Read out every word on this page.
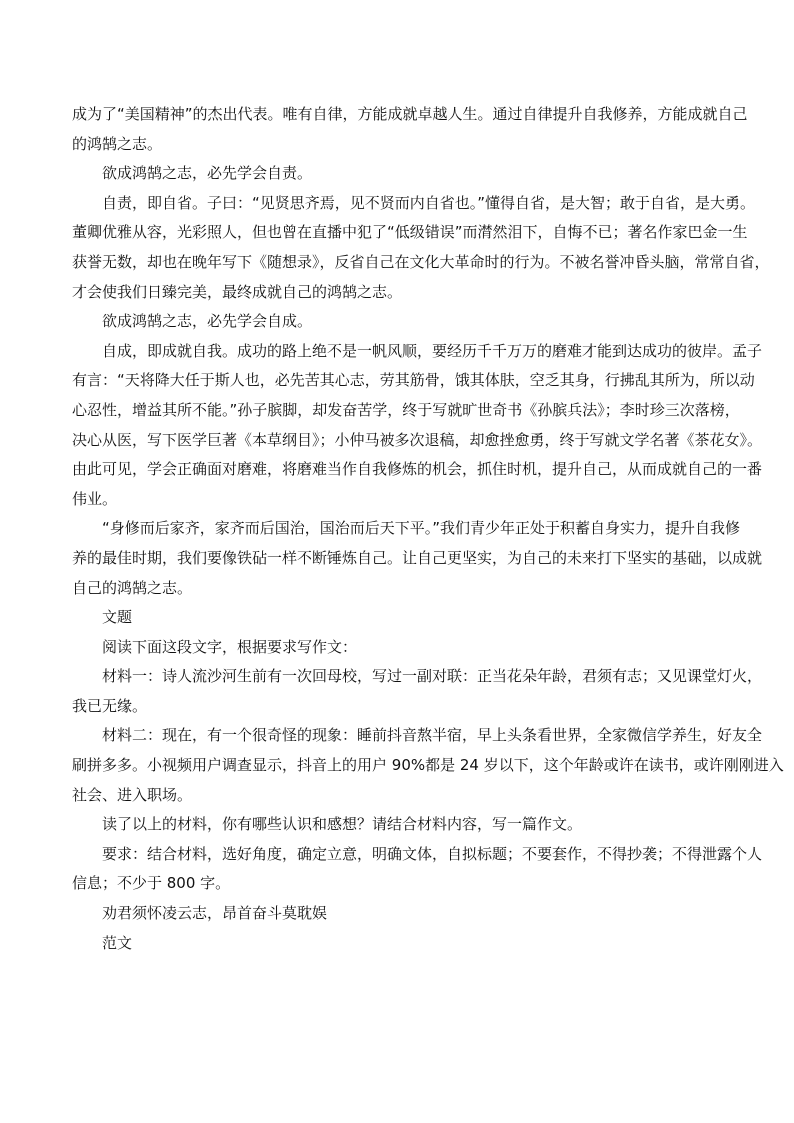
成为了“美国精神”的杰出代表。唯有自律，方能成就卓越人生。通过自律提升自我修养，方能成就自己

的鸿鹄之志。

欲成鸿鹄之志，必先学会自责。

自责，即自省。子曰：“见贤思齐焉，见不贤而内自省也。”懂得自省，是大智；敢于自省，是大勇。

董卿优雅从容，光彩照人，但也曾在直播中犯了“低级错误”而潸然泪下，自悔不已；著名作家巴金一生

获誉无数，却也在晚年写下《随想录》，反省自己在文化大革命时的行为。不被名誉冲昏头脑，常常自省，

才会使我们日臻完美，最终成就自己的鸿鹄之志。

欲成鸿鹄之志，必先学会自成。

自成，即成就自我。成功的路上绝不是一帆风顺，要经历千千万万的磨难才能到达成功的彼岸。孟子

有言：“天将降大任于斯人也，必先苦其心志，劳其筋骨，饿其体肤，空乏其身，行拂乱其所为，所以动

心忍性，增益其所不能。”孙子膑脚，却发奋苦学，终于写就旷世奇书《孙膑兵法》；李时珍三次落榜，

决心从医，写下医学巨著《本草纲目》；小仲马被多次退稿，却愈挫愈勇，终于写就文学名著《茶花女》。

由此可见，学会正确面对磨难，将磨难当作自我修炼的机会，抓住时机，提升自己，从而成就自己的一番

伟业。

“身修而后家齐，家齐而后国治，国治而后天下平。”我们青少年正处于积蓄自身实力，提升自我修

养的最佳时期，我们要像铁砧一样不断锤炼自己。让自己更坚实，为自己的未来打下坚实的基础，以成就

自己的鸿鹄之志。

文题

阅读下面这段文字，根据要求写作文：

材料一：诗人流沙河生前有一次回母校，写过一副对联：正当花朵年龄，君须有志；又见课堂灯火，

我已无缘。

材料二：现在，有一个很奇怪的现象：睡前抖音熬半宿，早上头条看世界，全家微信学养生，好友全

刷拼多多。小视频用户调查显示，抖音上的用户 90%都是 24 岁以下，这个年龄或许在读书，或许刚刚进入

社会、进入职场。

读了以上的材料，你有哪些认识和感想？请结合材料内容，写一篇作文。

要求：结合材料，选好角度，确定立意，明确文体，自拟标题；不要套作，不得抄袭；不得泄露个人

信息；不少于 800 字。

劝君须怀凌云志，昂首奋斗莫耽娱

范文
